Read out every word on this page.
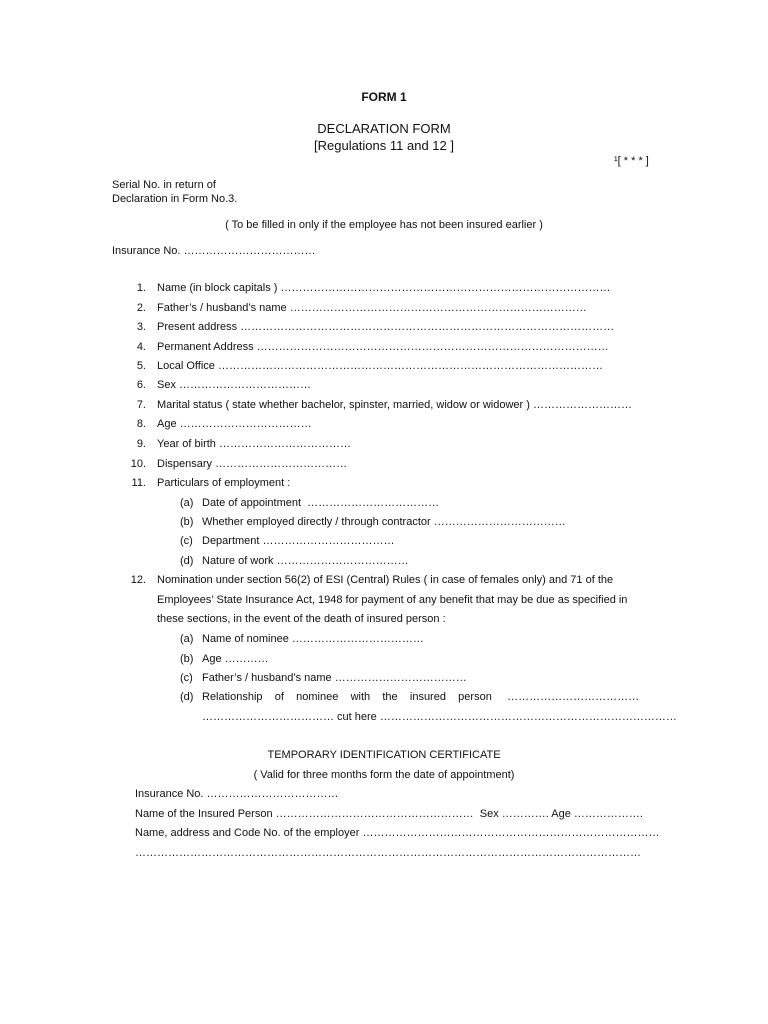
FORM 1
DECLARATION FORM
[Regulations 11 and 12 ]
¹[ * * * ]
Serial No. in return of
Declaration in Form No.3.
( To be filled in only if the employee has not been insured earlier )
Insurance No. ………………………………
1. Name (in block capitals ) ………………………………………………………………………………
2. Father’s / husband’s name ………………………………………………………………………
3. Present address …………………………………………………………………………………………
4. Permanent Address ……………………………………………………………………………………
5. Local Office ……………………………………………………………………………………………
6. Sex ………………………………
7. Marital status ( state whether bachelor, spinster, married, widow or widower ) ………………………
8. Age ………………………………
9. Year of birth ………………………………
10. Dispensary ………………………………
11. Particulars of employment :
(a) Date of appointment  ………………………………
(b) Whether employed directly / through contractor ………………………………
(c) Department ………………………………
(d) Nature of work ………………………………
12. Nomination under section 56(2) of ESI (Central) Rules ( in case of females only) and 71 of the
Employees’ State Insurance Act, 1948 for payment of any benefit that may be due as specified in
these sections, in the event of the death of insured person :
(a) Name of nominee ………………………………
(b) Age …………
(c) Father’s / husband’s name ………………………………
(d) Relationship    of    nominee    with    the    insured    person     ………………………………
……………………………… cut here ………………………………………………………………………
TEMPORARY IDENTIFICATION CERTIFICATE
( Valid for three months form the date of appointment)
Insurance No. ………………………………
Name of the Insured Person ………………………………………………  Sex …………. Age ……………….
Name, address and Code No. of the employer ………………………………………………………………………
…………………………………………………………………………………………………………………………
